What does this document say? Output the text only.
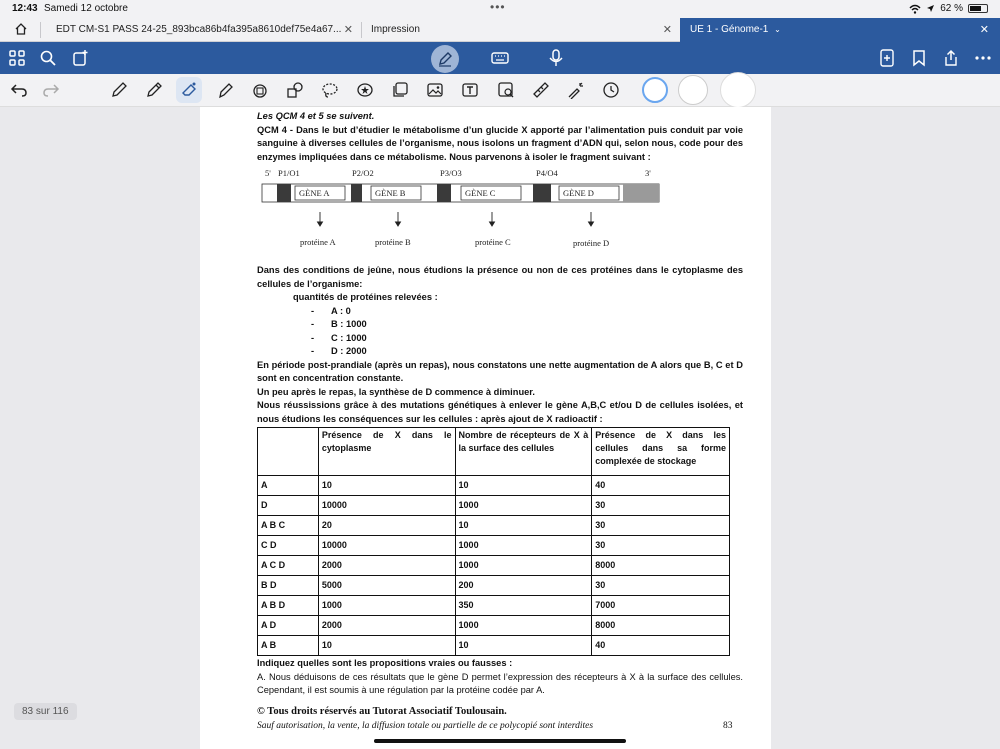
12:43 Samedi 12 octobre	•••	62 %
EDT CM-S1 PASS 24-25_893bca86b4fa395a8610def75e4a67... ✕	Impression	✕	UE 1 - Génome-1 ⌄	✕

Les QCM 4 et 5 se suivent.

QCM 4 - Dans le but d’étudier le métabolisme d’un glucide X apporté par l’alimentation puis conduit par voie sanguine à diverses cellules de l’organisme, nous isolons un fragment d’ADN qui, selon nous, code pour des enzymes impliquées dans ce métabolisme. Nous parvenons à isoler le fragment suivant :

5' P1/O1	P2/O2	P3/O3	P4/O4	3'
GÈNE A	GÈNE B	GÈNE C	GÈNE D
protéine A	protéine B	protéine C	protéine D

Dans des conditions de jeûne, nous étudions la présence ou non de ces protéines dans le cytoplasme des cellules de l’organisme:

quantités de protéines relevées :
-	A : 0
-	B : 1000
-	C : 1000
-	D : 2000

En période post-prandiale (après un repas), nous constatons une nette augmentation de A alors que B, C et D sont en concentration constante.

Un peu après le repas, la synthèse de D commence à diminuer.

Nous réussissions grâce à des mutations génétiques à enlever le gène A,B,C et/ou D de cellules isolées, et nous étudions les conséquences sur les cellules : après ajout de X radioactif :

	Présence de X dans le cytoplasme	Nombre de récepteurs de X à la surface des cellules	Présence de X dans les cellules dans sa forme complexée de stockage
A	10	10	40
D	10000	1000	30
A B C	20	10	30
C D	10000	1000	30
A C D	2000	1000	8000
B D	5000	200	30
A B D	1000	350	7000
A D	2000	1000	8000
A B	10	10	40

Indiquez quelles sont les propositions vraies ou fausses :

A. Nous déduisons de ces résultats que le gène D permet l’expression des récepteurs à X à la surface des cellules. Cependant, il est soumis à une régulation par la protéine codée par A.

© Tous droits réservés au Tutorat Associatif Toulousain.
Sauf autorisation, la vente, la diffusion totale ou partielle de ce polycopié sont interdites	83
83 sur 116
